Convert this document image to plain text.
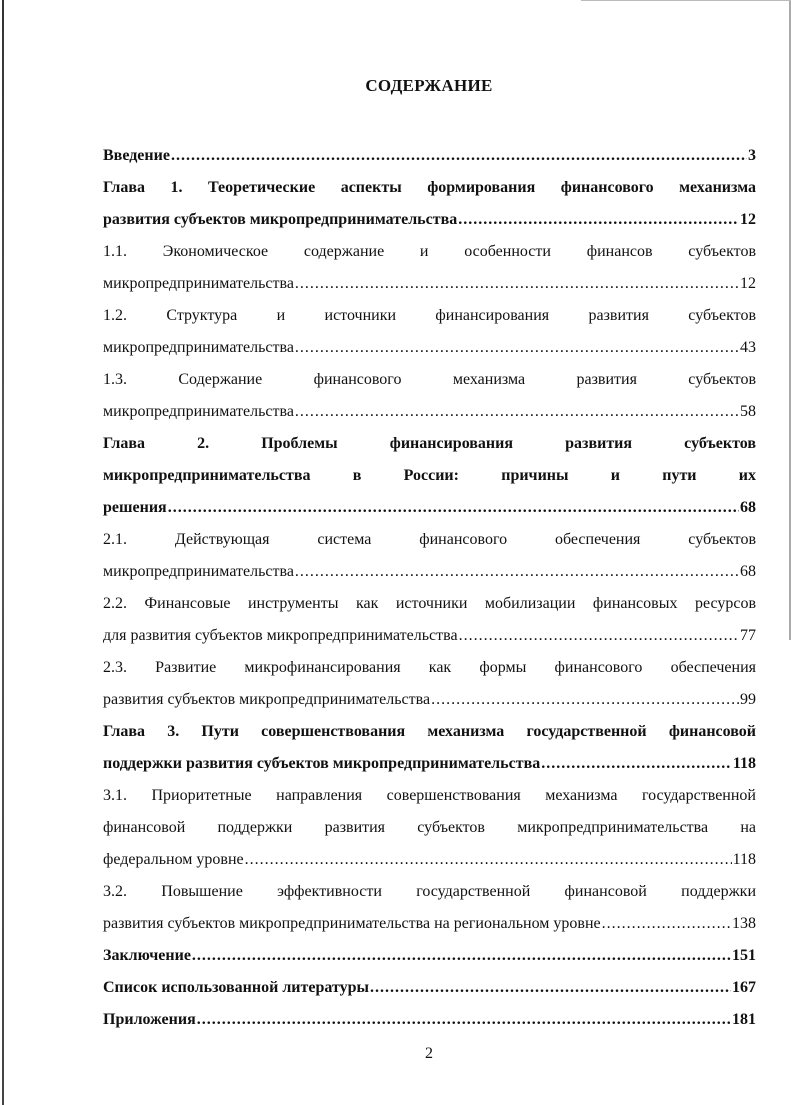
СОДЕРЖАНИЕ
Введение .....	3
Глава 1. Теоретические аспекты формирования финансового механизма
развития субъектов микропредпринимательства .....	12
1.1. Экономическое содержание и особенности финансов субъектов
микропредпринимательства .....	12
1.2. Структура и источники финансирования развития субъектов
микропредпринимательства .....	43
1.3. Содержание финансового механизма развития субъектов
микропредпринимательства .....	58
Глава 2. Проблемы финансирования развития субъектов
микропредпринимательства в России: причины и пути их
решения .....	68
2.1. Действующая система финансового обеспечения субъектов
микропредпринимательства .....	68
2.2. Финансовые инструменты как источники мобилизации финансовых ресурсов
для развития субъектов микропредпринимательства .....	77
2.3. Развитие микрофинансирования как формы финансового обеспечения
развития субъектов микропредпринимательства .....	99
Глава 3. Пути совершенствования механизма государственной финансовой
поддержки развития субъектов микропредпринимательства .....	118
3.1. Приоритетные направления совершенствования механизма государственной
финансовой поддержки развития субъектов микропредпринимательства на
федеральном уровне .....	118
3.2. Повышение эффективности государственной финансовой поддержки
развития субъектов микропредпринимательства на региональном уровне .....	138
Заключение .....	151
Список использованной литературы .....	167
Приложения .....	181
2
